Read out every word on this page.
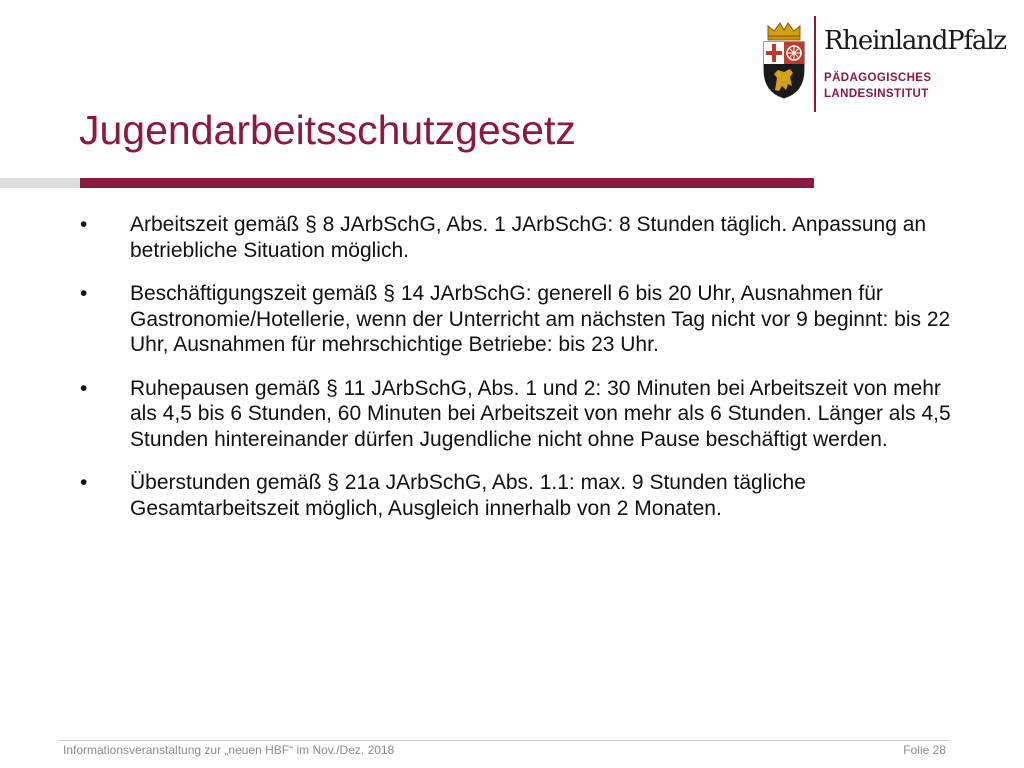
RheinlandPfalz
PÄDAGOGISCHES
LANDESINSTITUT
Jugendarbeitsschutzgesetz
•	Arbeitszeit gemäß § 8 JArbSchG, Abs. 1 JArbSchG: 8 Stunden täglich. Anpassung an betriebliche Situation möglich.
•	Beschäftigungszeit gemäß § 14 JArbSchG: generell 6 bis 20 Uhr, Ausnahmen für Gastronomie/Hotellerie, wenn der Unterricht am nächsten Tag nicht vor 9 beginnt: bis 22 Uhr, Ausnahmen für mehrschichtige Betriebe: bis 23 Uhr.
•	Ruhepausen gemäß § 11 JArbSchG, Abs. 1 und 2: 30 Minuten bei Arbeitszeit von mehr als 4,5 bis 6 Stunden, 60 Minuten bei Arbeitszeit von mehr als 6 Stunden. Länger als 4,5 Stunden hintereinander dürfen Jugendliche nicht ohne Pause beschäftigt werden.
•	Überstunden gemäß § 21a JArbSchG, Abs. 1.1: max. 9 Stunden tägliche Gesamtarbeitszeit möglich, Ausgleich innerhalb von 2 Monaten.
Informationsveranstaltung zur „neuen HBF“ im Nov./Dez. 2018	Folie 28
